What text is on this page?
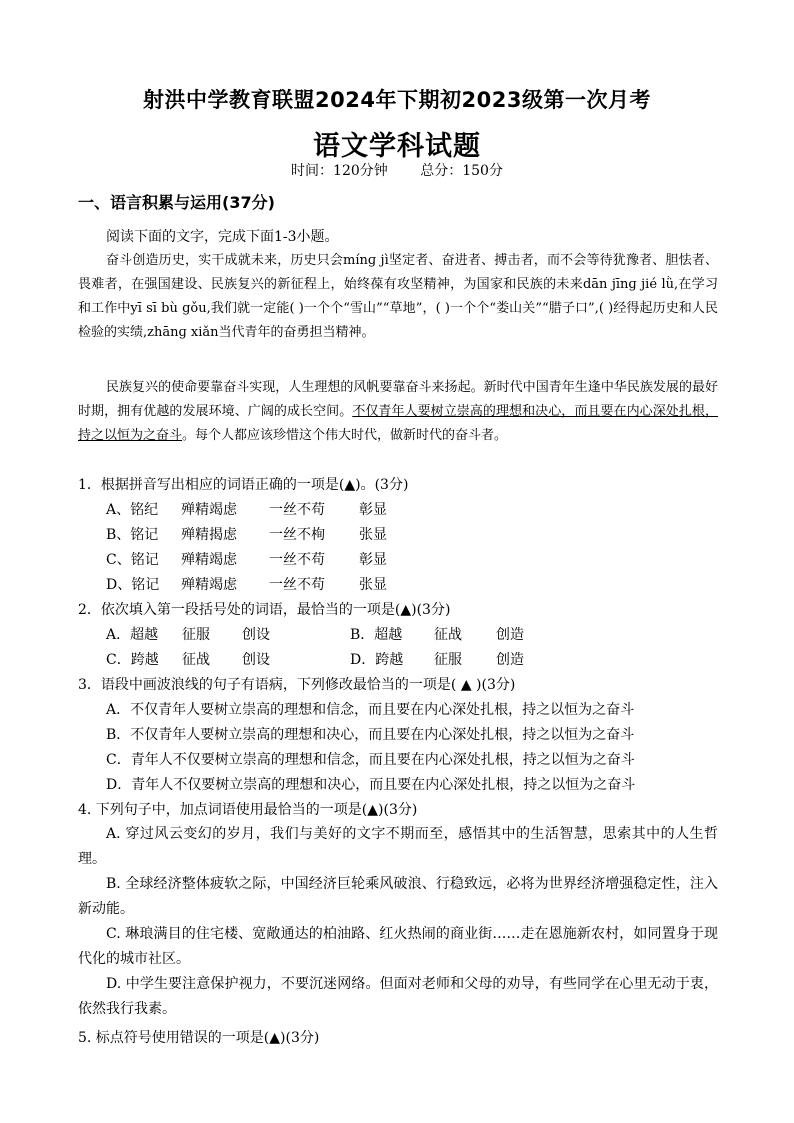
射洪中学教育联盟2024年下期初2023级第一次月考
语文学科试题
时间：120分钟 总分：150分
一、语言积累与运用(37分)
阅读下面的文字，完成下面1-3小题。
奋斗创造历史，实干成就未来，历史只会mínɡ jì坚定者、奋进者、搏击者，而不会等待犹豫者、胆怯者、畏难者，在强国建设、民族复兴的新征程上，始终葆有攻坚精神，为国家和民族的未来dān jīnɡ jié lǜ,在学习和工作中yī sī bù gǒu,我们就一定能( )一个个“雪山”“草地”，( )一个个“娄山关”“腊子口”,( )经得起历史和人民检验的实绩,zhānɡ xiǎn当代青年的奋勇担当精神。
民族复兴的使命要靠奋斗实现，人生理想的风帆要靠奋斗来扬起。新时代中国青年生逢中华民族发展的最好时期，拥有优越的发展环境、广阔的成长空间。不仅青年人要树立崇高的理想和决心，而且要在内心深处扎根，持之以恒为之奋斗。每个人都应该珍惜这个伟大时代，做新时代的奋斗者。
1．根据拼音写出相应的词语正确的一项是(▲)。(3分)
A、铭纪 殚精竭虑 一丝不苟 彰显
B、铭记 殚精揭虑 一丝不栒 张显
C、铭记 殚精竭虑 一丝不苟 彰显
D、铭记 殚精竭虑 一丝不苟 张显
2．依次填入第一段括号处的词语，最恰当的一项是(▲)(3分)
A．超越 征服 创设	B．超越 征战 创造
C．跨越 征战 创设	D．跨越 征服 创造
3．语段中画波浪线的句子有语病，下列修改最恰当的一项是( ▲ )(3分)
A．不仅青年人要树立崇高的理想和信念，而且要在内心深处扎根，持之以恒为之奋斗
B．不仅青年人要树立崇高的理想和决心，而且要在内心深处扎根，持之以恒为之奋斗
C．青年人不仅要树立崇高的理想和信念，而且要在内心深处扎根，持之以恒为之奋斗
D．青年人不仅要树立崇高的理想和决心，而且要在内心深处扎根，持之以恒为之奋斗
4. 下列句子中，加点词语使用最恰当的一项是(▲)(3分)
A. 穿过风云变幻的岁月，我们与美好的文字不期而至，感悟其中的生活智慧，思索其中的人生哲理。
B. 全球经济整体疲软之际，中国经济巨轮乘风破浪、行稳致远，必将为世界经济增强稳定性，注入新动能。
C. 琳琅满目的住宅楼、宽敞通达的柏油路、红火热闹的商业街……走在恩施新农村，如同置身于现代化的城市社区。
D. 中学生要注意保护视力，不要沉迷网络。但面对老师和父母的劝导，有些同学在心里无动于衷，依然我行我素。
5. 标点符号使用错误的一项是(▲)(3分)
